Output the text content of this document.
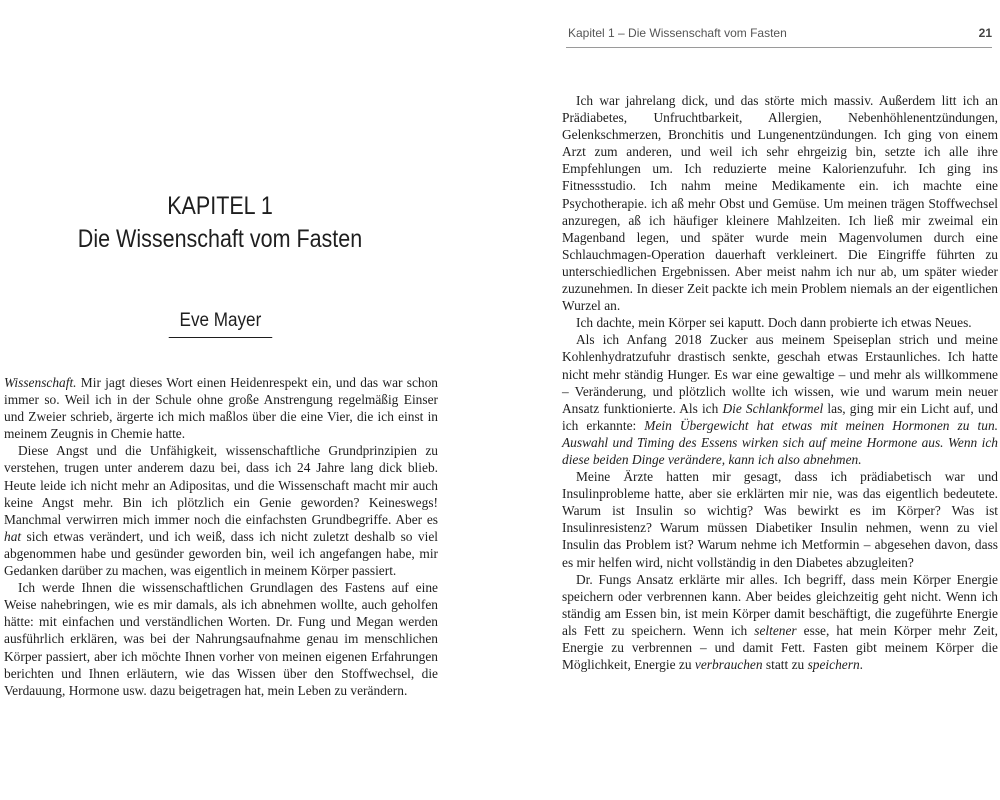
KAPITEL 1
Die Wissenschaft vom Fasten
Eve Mayer

Wissenschaft. Mir jagt dieses Wort einen Heidenrespekt ein, und das war schon immer so. Weil ich in der Schule ohne große Anstrengung regelmäßig Einser und Zweier schrieb, ärgerte ich mich maßlos über die eine Vier, die ich einst in meinem Zeugnis in Chemie hatte.

Diese Angst und die Unfähigkeit, wissenschaftliche Grundprinzipien zu verstehen, trugen unter anderem dazu bei, dass ich 24 Jahre lang dick blieb. Heute leide ich nicht mehr an Adipositas, und die Wissenschaft macht mir auch keine Angst mehr. Bin ich plötzlich ein Genie geworden? Keineswegs! Manchmal verwirren mich immer noch die einfachsten Grundbegriffe. Aber es hat sich etwas verändert, und ich weiß, dass ich nicht zuletzt deshalb so viel abgenommen habe und gesünder geworden bin, weil ich angefangen habe, mir Gedanken darüber zu machen, was eigentlich in meinem Körper passiert.

Ich werde Ihnen die wissenschaftlichen Grundlagen des Fastens auf eine Weise nahebringen, wie es mir damals, als ich abnehmen wollte, auch geholfen hätte: mit einfachen und verständlichen Worten. Dr. Fung und Megan werden ausführlich erklären, was bei der Nahrungsaufnahme genau im menschlichen Körper passiert, aber ich möchte Ihnen vorher von meinen eigenen Erfahrungen berichten und Ihnen erläutern, wie das Wissen über den Stoffwechsel, die Verdauung, Hormone usw. dazu beigetragen hat, mein Leben zu verändern.

Kapitel 1 – Die Wissenschaft vom Fasten	21

Ich war jahrelang dick, und das störte mich massiv. Außerdem litt ich an Prädiabetes, Unfruchtbarkeit, Allergien, Nebenhöhlenentzündungen, Gelenkschmerzen, Bronchitis und Lungenentzündungen. Ich ging von einem Arzt zum anderen, und weil ich sehr ehrgeizig bin, setzte ich alle ihre Empfehlungen um. Ich reduzierte meine Kalorienzufuhr. Ich ging ins Fitnessstudio. Ich nahm meine Medikamente ein. ich machte eine Psychotherapie. ich aß mehr Obst und Gemüse. Um meinen trägen Stoffwechsel anzuregen, aß ich häufiger kleinere Mahlzeiten. Ich ließ mir zweimal ein Magenband legen, und später wurde mein Magenvolumen durch eine Schlauchmagen-Operation dauerhaft verkleinert. Die Eingriffe führten zu unterschiedlichen Ergebnissen. Aber meist nahm ich nur ab, um später wieder zuzunehmen. In dieser Zeit packte ich mein Problem niemals an der eigentlichen Wurzel an.

Ich dachte, mein Körper sei kaputt. Doch dann probierte ich etwas Neues.

Als ich Anfang 2018 Zucker aus meinem Speiseplan strich und meine Kohlenhydratzufuhr drastisch senkte, geschah etwas Erstaunliches. Ich hatte nicht mehr ständig Hunger. Es war eine gewaltige – und mehr als willkommene – Veränderung, und plötzlich wollte ich wissen, wie und warum mein neuer Ansatz funktionierte. Als ich Die Schlankformel las, ging mir ein Licht auf, und ich erkannte: Mein Übergewicht hat etwas mit meinen Hormonen zu tun. Auswahl und Timing des Essens wirken sich auf meine Hormone aus. Wenn ich diese beiden Dinge verändere, kann ich also abnehmen.

Meine Ärzte hatten mir gesagt, dass ich prädiabetisch war und Insulinprobleme hatte, aber sie erklärten mir nie, was das eigentlich bedeutete. Warum ist Insulin so wichtig? Was bewirkt es im Körper? Was ist Insulinresistenz? Warum müssen Diabetiker Insulin nehmen, wenn zu viel Insulin das Problem ist? Warum nehme ich Metformin – abgesehen davon, dass es mir helfen wird, nicht vollständig in den Diabetes abzugleiten?

Dr. Fungs Ansatz erklärte mir alles. Ich begriff, dass mein Körper Energie speichern oder verbrennen kann. Aber beides gleichzeitig geht nicht. Wenn ich ständig am Essen bin, ist mein Körper damit beschäftigt, die zugeführte Energie als Fett zu speichern. Wenn ich seltener esse, hat mein Körper mehr Zeit, Energie zu verbrennen – und damit Fett. Fasten gibt meinem Körper die Möglichkeit, Energie zu verbrauchen statt zu speichern.
